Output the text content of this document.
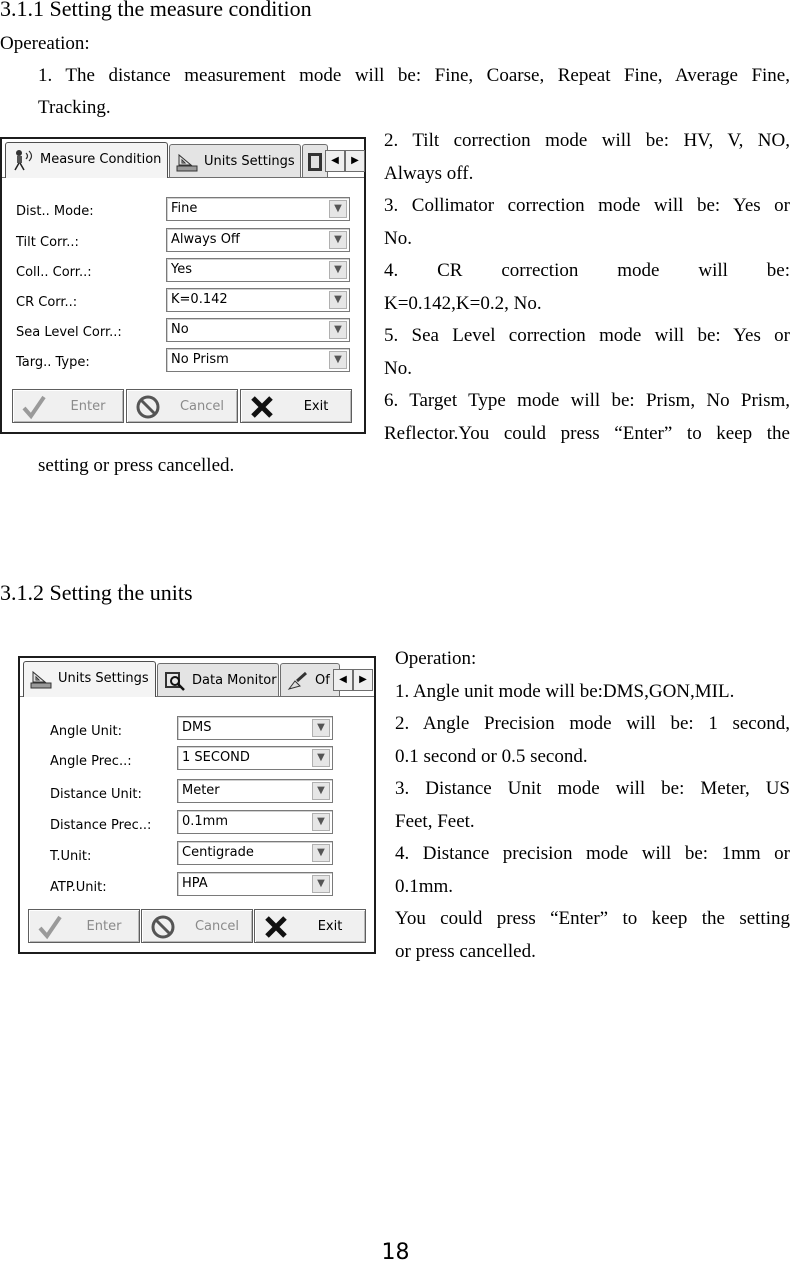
3.1.1 Setting the measure condition
Opereation:
1. The distance measurement mode will be: Fine, Coarse, Repeat Fine, Average Fine,
Tracking.
2. Tilt correction mode will be: HV, V, NO,
Always off.
3. Collimator correction mode will be: Yes or
No.
4. CR correction mode will be:
K=0.142,K=0.2, No.
5. Sea Level correction mode will be: Yes or
No.
6. Target Type mode will be: Prism, No Prism,
Reflector.You could press “Enter” to keep the
setting or press cancelled.
Measure Condition	Units Settings	◀	▶
Dist.. Mode:	Fine	▼
Tilt Corr..:	Always Off	▼
Coll.. Corr..:	Yes	▼
CR Corr..:	K=0.142	▼
Sea Level Corr..:	No	▼
Targ.. Type:	No Prism	▼
Enter	Cancel	Exit
3.1.2 Setting the units
Operation:
1. Angle unit mode will be:DMS,GON,MIL.
2. Angle Precision mode will be: 1 second,
0.1 second or 0.5 second.
3. Distance Unit mode will be: Meter, US
Feet, Feet.
4. Distance precision mode will be: 1mm or
0.1mm.
You could press “Enter” to keep the setting
or press cancelled.
Units Settings	Data Monitor	Of ◀	▶
Angle Unit:	DMS	▼
Angle Prec..:	1 SECOND	▼
Distance Unit:	Meter	▼
Distance Prec..: 0.1mm	▼
T.Unit:	Centigrade	▼
ATP.Unit:	HPA	▼
Enter	Cancel	Exit
18
